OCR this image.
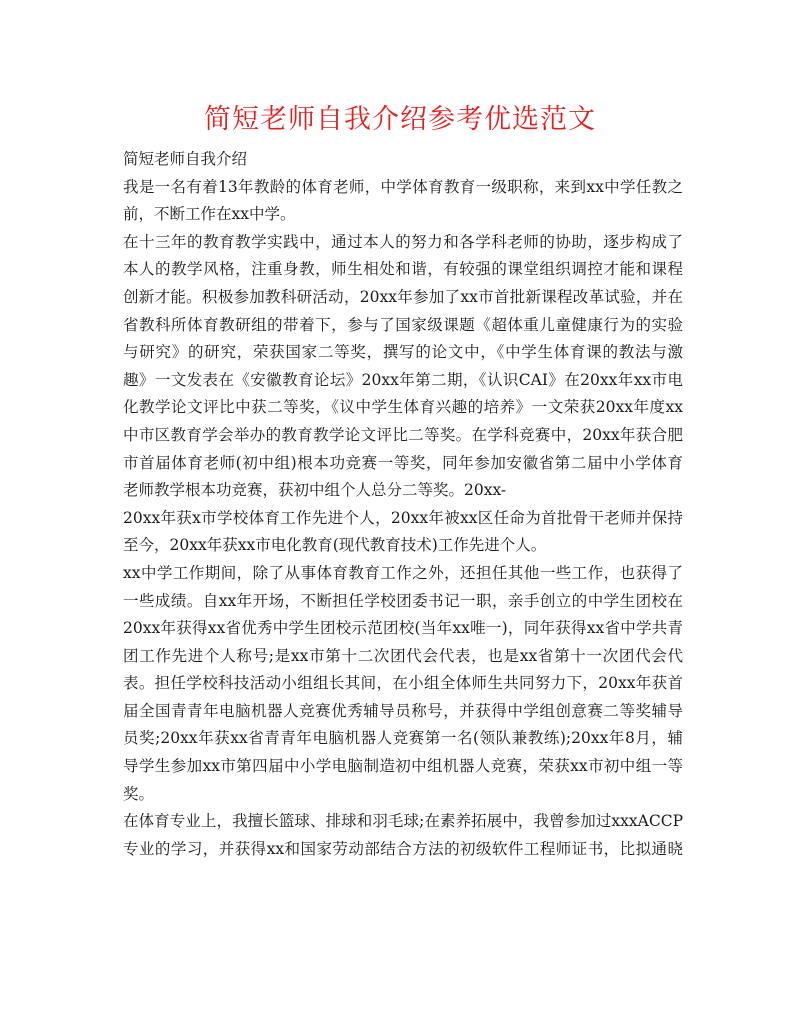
简短老师自我介绍参考优选范文
简短老师自我介绍
我是一名有着13年教龄的体育老师，中学体育教育一级职称，来到xx中学任教之
前，不断工作在xx中学。
在十三年的教育教学实践中，通过本人的努力和各学科老师的协助，逐步构成了
本人的教学风格，注重身教，师生相处和谐，有较强的课堂组织调控才能和课程
创新才能。积极参加教科研活动，20xx年参加了xx市首批新课程改革试验，并在
省教科所体育教研组的带着下，参与了国家级课题《超体重儿童健康行为的实验
与研究》的研究，荣获国家二等奖，撰写的论文中，《中学生体育课的教法与激
趣》一文发表在《安徽教育论坛》20xx年第二期，《认识CAI》在20xx年xx市电
化教学论文评比中获二等奖，《议中学生体育兴趣的培养》一文荣获20xx年度xx
中市区教育学会举办的教育教学论文评比二等奖。在学科竞赛中，20xx年获合肥
市首届体育老师(初中组)根本功竞赛一等奖，同年参加安徽省第二届中小学体育
老师教学根本功竞赛，获初中组个人总分二等奖。20xx-
20xx年获x市学校体育工作先进个人，20xx年被xx区任命为首批骨干老师并保持
至今，20xx年获xx市电化教育(现代教育技术)工作先进个人。
xx中学工作期间，除了从事体育教育工作之外，还担任其他一些工作，也获得了
一些成绩。自xx年开场，不断担任学校团委书记一职，亲手创立的中学生团校在
20xx年获得xx省优秀中学生团校示范团校(当年xx唯一)，同年获得xx省中学共青
团工作先进个人称号;是xx市第十二次团代会代表，也是xx省第十一次团代会代
表。担任学校科技活动小组组长其间，在小组全体师生共同努力下，20xx年获首
届全国青青年电脑机器人竞赛优秀辅导员称号，并获得中学组创意赛二等奖辅导
员奖;20xx年获xx省青青年电脑机器人竞赛第一名(领队兼教练);20xx年8月，辅
导学生参加xx市第四届中小学电脑制造初中组机器人竞赛，荣获xx市初中组一等
奖。
在体育专业上，我擅长篮球、排球和羽毛球;在素养拓展中，我曾参加过xxxACCP
专业的学习，并获得xx和国家劳动部结合方法的初级软件工程师证书，比拟通晓
